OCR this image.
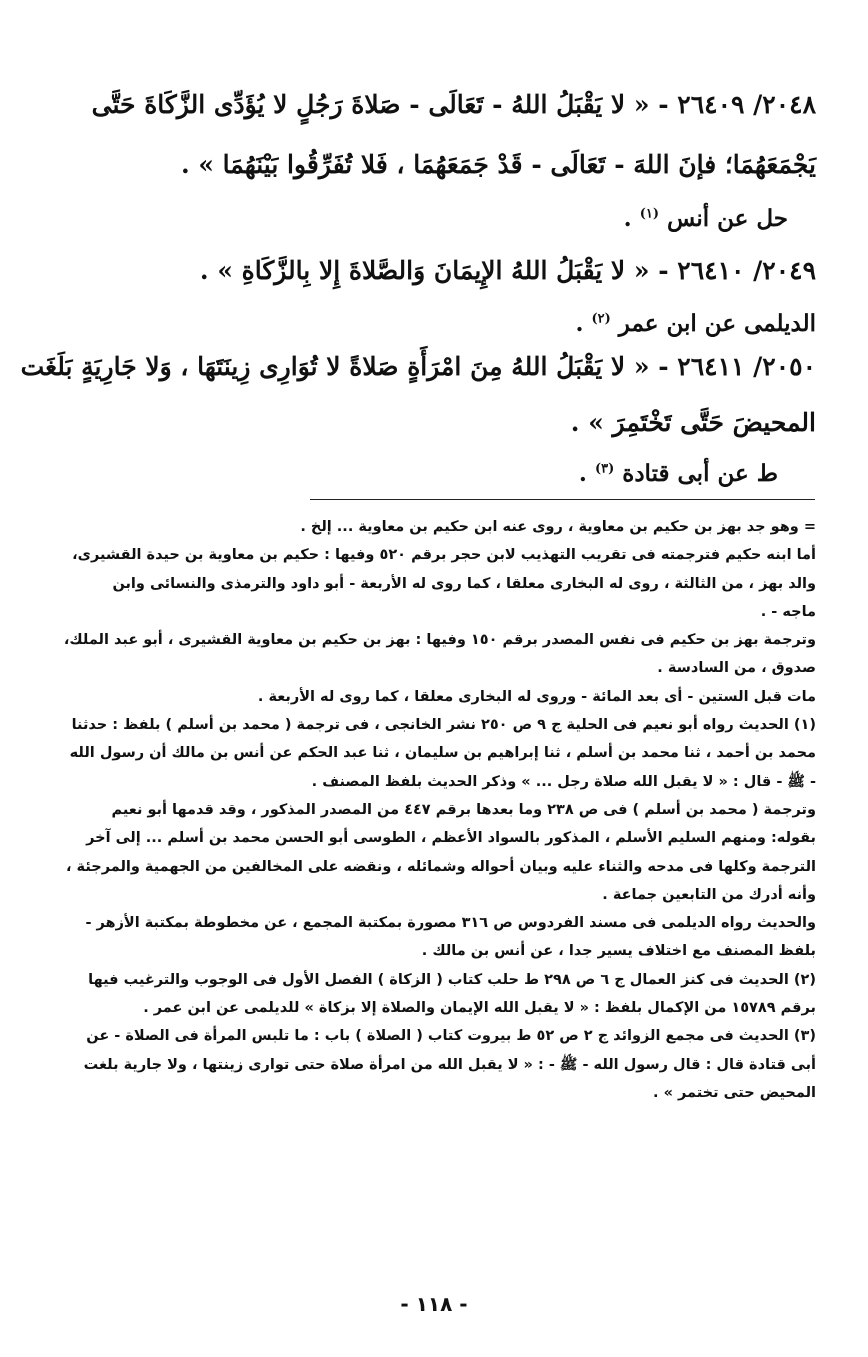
٢٠٤٨/ ٢٦٤٠٩ - « لا يَقْبَلُ اللهُ - تَعَالَى - صَلاةَ رَجُلٍ لا يُؤَدِّى الزَّكَاةَ حَتَّى

يَجْمَعَهُمَا؛ فإنَ اللهَ - تَعَالَى - قَدْ جَمَعَهُمَا ، فَلا تُفَرِّقُوا بَيْنَهُمَا » .

حل عن أنس $^{(١)}$ .

٢٠٤٩/ ٢٦٤١٠ - « لا يَقْبَلُ اللهُ الإِيمَانَ وَالصَّلاةَ إِلا بِالزَّكَاةِ » .

الديلمى عن ابن عمر $^{(٢)}$ .

٢٠٥٠/ ٢٦٤١١ - « لا يَقْبَلُ اللهُ مِنَ امْرَأَةٍ صَلاةً لا تُوَارِى زِينَتَهَا ، وَلا جَارِيَةٍ بَلَغَت

المحيضَ حَتَّى تَخْتَمِرَ » .

ط عن أبى قتادة $^{(٣)}$ .

= وهو جد بهز بن حكيم بن معاوية ، روى عنه ابن حكيم بن معاوية ... إلخ .

أما ابنه حكيم فترجمته فى تقريب التهذيب لابن حجر برقم ٥٢٠ وفيها : حكيم بن معاوية بن حيدة القشيرى،

والد بهز ، من الثالثة ، روى له البخارى معلقا ، كما روى له الأربعة - أبو داود والترمذى والنسائى وابن

ماجه - .

وترجمة بهز بن حكيم فى نفس المصدر برقم ١٥٠ وفيها : بهز بن حكيم بن معاوية القشيرى ، أبو عبد الملك،

صدوق ، من السادسة .

مات قبل الستين - أى بعد المائة - وروى له البخارى معلقا ، كما روى له الأربعة .

(١) الحديث رواه أبو نعيم فى الحلية ج ٩ ص ٢٥٠ نشر الخانجى ، فى ترجمة ( محمد بن أسلم ) بلفظ : حدثنا

محمد بن أحمد ، ثنا محمد بن أسلم ، ثنا إبراهيم بن سليمان ، ثنا عبد الحكم عن أنس بن مالك أن رسول الله

- ﷺ - قال : « لا يقبل الله صلاة رجل ... » وذكر الحديث بلفظ المصنف .

وترجمة ( محمد بن أسلم ) فى ص ٢٣٨ وما بعدها برقم ٤٤٧ من المصدر المذكور ، وقد قدمها أبو نعيم

بقوله: ومنهم السليم الأسلم ، المذكور بالسواد الأعظم ، الطوسى أبو الحسن محمد بن أسلم ... إلى آخر

الترجمة وكلها فى مدحه والثناء عليه وبيان أحواله وشمائله ، ونقضه على المخالفين من الجهمية والمرجئة ،

وأنه أدرك من التابعين جماعة .

والحديث رواه الديلمى فى مسند الفردوس ص ٣١٦ مصورة بمكتبة المجمع ، عن مخطوطة بمكتبة الأزهر -

بلفظ المصنف مع اختلاف يسير جدا ، عن أنس بن مالك .

(٢) الحديث فى كنز العمال ج ٦ ص ٢٩٨ ط حلب كتاب ( الزكاة ) الفصل الأول فى الوجوب والترغيب فيها

برقم ١٥٧٨٩ من الإكمال بلفظ : « لا يقبل الله الإيمان والصلاة إلا بزكاة » للديلمى عن ابن عمر .

(٣) الحديث فى مجمع الزوائد ج ٢ ص ٥٢ ط بيروت كتاب ( الصلاة ) باب : ما تلبس المرأة فى الصلاة - عن

أبى قتادة قال : قال رسول الله - ﷺ - : « لا يقبل الله من امرأة صلاة حتى توارى زينتها ، ولا جارية بلغت

المحيض حتى تختمر » .

- ١١٨ -
